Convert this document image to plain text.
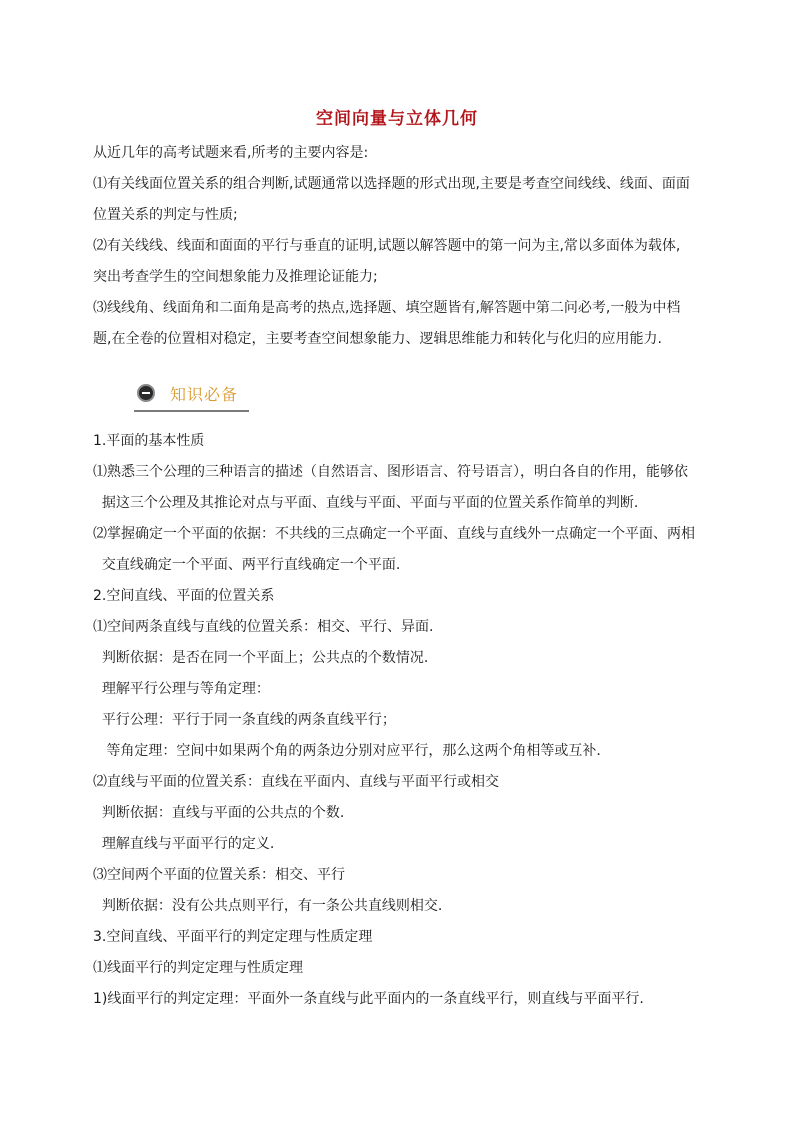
空间向量与立体几何
从近几年的高考试题来看,所考的主要内容是:
⑴有关线面位置关系的组合判断,试题通常以选择题的形式出现,主要是考查空间线线、线面、面面
位置关系的判定与性质;
⑵有关线线、线面和面面的平行与垂直的证明,试题以解答题中的第一问为主,常以多面体为载体,
突出考查学生的空间想象能力及推理论证能力;
⑶线线角、线面角和二面角是高考的热点,选择题、填空题皆有,解答题中第二问必考,一般为中档
题,在全卷的位置相对稳定，主要考查空间想象能力、逻辑思维能力和转化与化归的应用能力.
知识必备
1.平面的基本性质
⑴熟悉三个公理的三种语言的描述（自然语言、图形语言、符号语言），明白各自的作用，能够依
据这三个公理及其推论对点与平面、直线与平面、平面与平面的位置关系作简单的判断.
⑵掌握确定一个平面的依据：不共线的三点确定一个平面、直线与直线外一点确定一个平面、两相
交直线确定一个平面、两平行直线确定一个平面.
2.空间直线、平面的位置关系
⑴空间两条直线与直线的位置关系：相交、平行、异面.
判断依据：是否在同一个平面上；公共点的个数情况.
理解平行公理与等角定理：
平行公理：平行于同一条直线的两条直线平行；
等角定理：空间中如果两个角的两条边分别对应平行，那么这两个角相等或互补.
⑵直线与平面的位置关系：直线在平面内、直线与平面平行或相交
判断依据：直线与平面的公共点的个数.
理解直线与平面平行的定义.
⑶空间两个平面的位置关系：相交、平行
判断依据：没有公共点则平行，有一条公共直线则相交.
3.空间直线、平面平行的判定定理与性质定理
⑴线面平行的判定定理与性质定理
1)线面平行的判定定理：平面外一条直线与此平面内的一条直线平行，则直线与平面平行.
